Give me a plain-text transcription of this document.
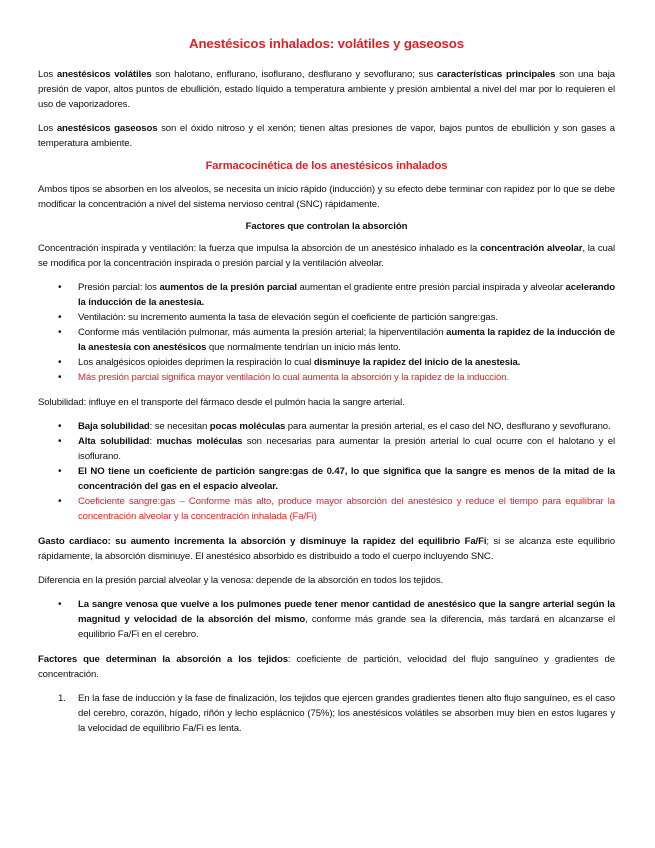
Anestésicos inhalados: volátiles y gaseosos

Los anestésicos volátiles son halotano, enflurano, isoflurano, desflurano y sevoflurano; sus características principales son una baja presión de vapor, altos puntos de ebullición, estado líquido a temperatura ambiente y presión ambiental a nivel del mar por lo requieren el uso de vaporizadores.

Los anestésicos gaseosos son el óxido nitroso y el xenón; tienen altas presiones de vapor, bajos puntos de ebullición y son gases a temperatura ambiente.

Farmacocinética de los anestésicos inhalados

Ambos tipos se absorben en los alveolos, se necesita un inicio rápido (inducción) y su efecto debe terminar con rapidez por lo que se debe modificar la concentración a nivel del sistema nervioso central (SNC) rápidamente.

Factores que controlan la absorción

Concentración inspirada y ventilación: la fuerza que impulsa la absorción de un anestésico inhalado es la concentración alveolar, la cual se modifica por la concentración inspirada o presión parcial y la ventilación alveolar.

• Presión parcial: los aumentos de la presión parcial aumentan el gradiente entre presión parcial inspirada y alveolar acelerando la inducción de la anestesia.
• Ventilación: su incremento aumenta la tasa de elevación según el coeficiente de partición sangre:gas.
• Conforme más ventilación pulmonar, más aumenta la presión arterial; la hiperventilación aumenta la rapidez de la inducción de la anestesia con anestésicos que normalmente tendrían un inicio más lento.
• Los analgésicos opioides deprimen la respiración lo cual disminuye la rapidez del inicio de la anestesia.
• Más presión parcial significa mayor ventilación lo cual aumenta la absorción y la rapidez de la inducción.

Solubilidad: influye en el transporte del fármaco desde el pulmón hacia la sangre arterial.

• Baja solubilidad: se necesitan pocas moléculas para aumentar la presión arterial, es el caso del NO, desflurano y sevoflurano.
• Alta solubilidad: muchas moléculas son necesarias para aumentar la presión arterial lo cual ocurre con el halotano y el isoflurano.
• El NO tiene un coeficiente de partición sangre:gas de 0.47, lo que significa que la sangre es menos de la mitad de la concentración del gas en el espacio alveolar.
• Coeficiente sangre:gas – Conforme más alto, produce mayor absorción del anestésico y reduce el tiempo para equilibrar la concentración alveolar y la concentración inhalada (Fa/Fi)

Gasto cardiaco: su aumento incrementa la absorción y disminuye la rapidez del equilibrio Fa/Fi; si se alcanza este equilibrio rápidamente, la absorción disminuye. El anestésico absorbido es distribuido a todo el cuerpo incluyendo SNC.

Diferencia en la presión parcial alveolar y la venosa: depende de la absorción en todos los tejidos.

• La sangre venosa que vuelve a los pulmones puede tener menor cantidad de anestésico que la sangre arterial según la magnitud y velocidad de la absorción del mismo, conforme más grande sea la diferencia, más tardará en alcanzarse el equilibrio Fa/Fi en el cerebro.

Factores que determinan la absorción a los tejidos: coeficiente de partición, velocidad del flujo sanguíneo y gradientes de concentración.

1. En la fase de inducción y la fase de finalización, los tejidos que ejercen grandes gradientes tienen alto flujo sanguíneo, es el caso del cerebro, corazón, hígado, riñón y lecho esplácnico (75%); los anestésicos volátiles se absorben muy bien en estos lugares y la velocidad de equilibrio Fa/Fi es lenta.
